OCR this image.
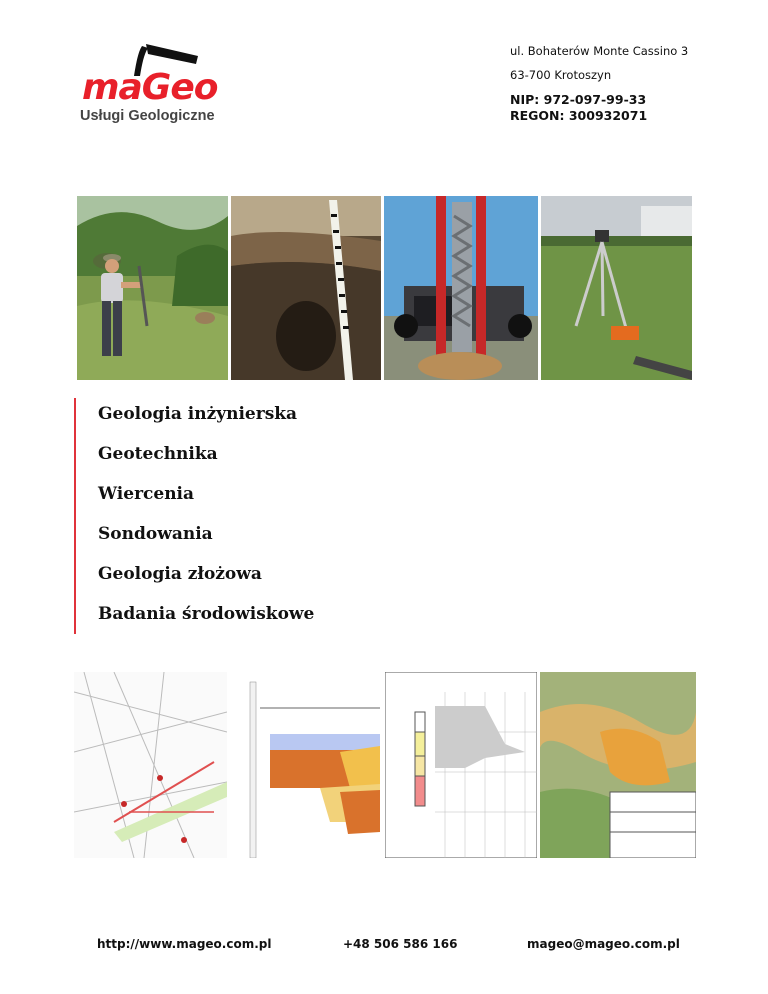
maGeo
Usługi Geologiczne
ul. Bohaterów Monte Cassino 3
63-700 Krotoszyn
NIP: 972-097-99-33
REGON: 300932071
Geologia inżynierska
Geotechnika
Wiercenia
Sondowania
Geologia złożowa
Badania środowiskowe
http://www.mageo.com.pl	+48 506 586 166	mageo@mageo.com.pl
